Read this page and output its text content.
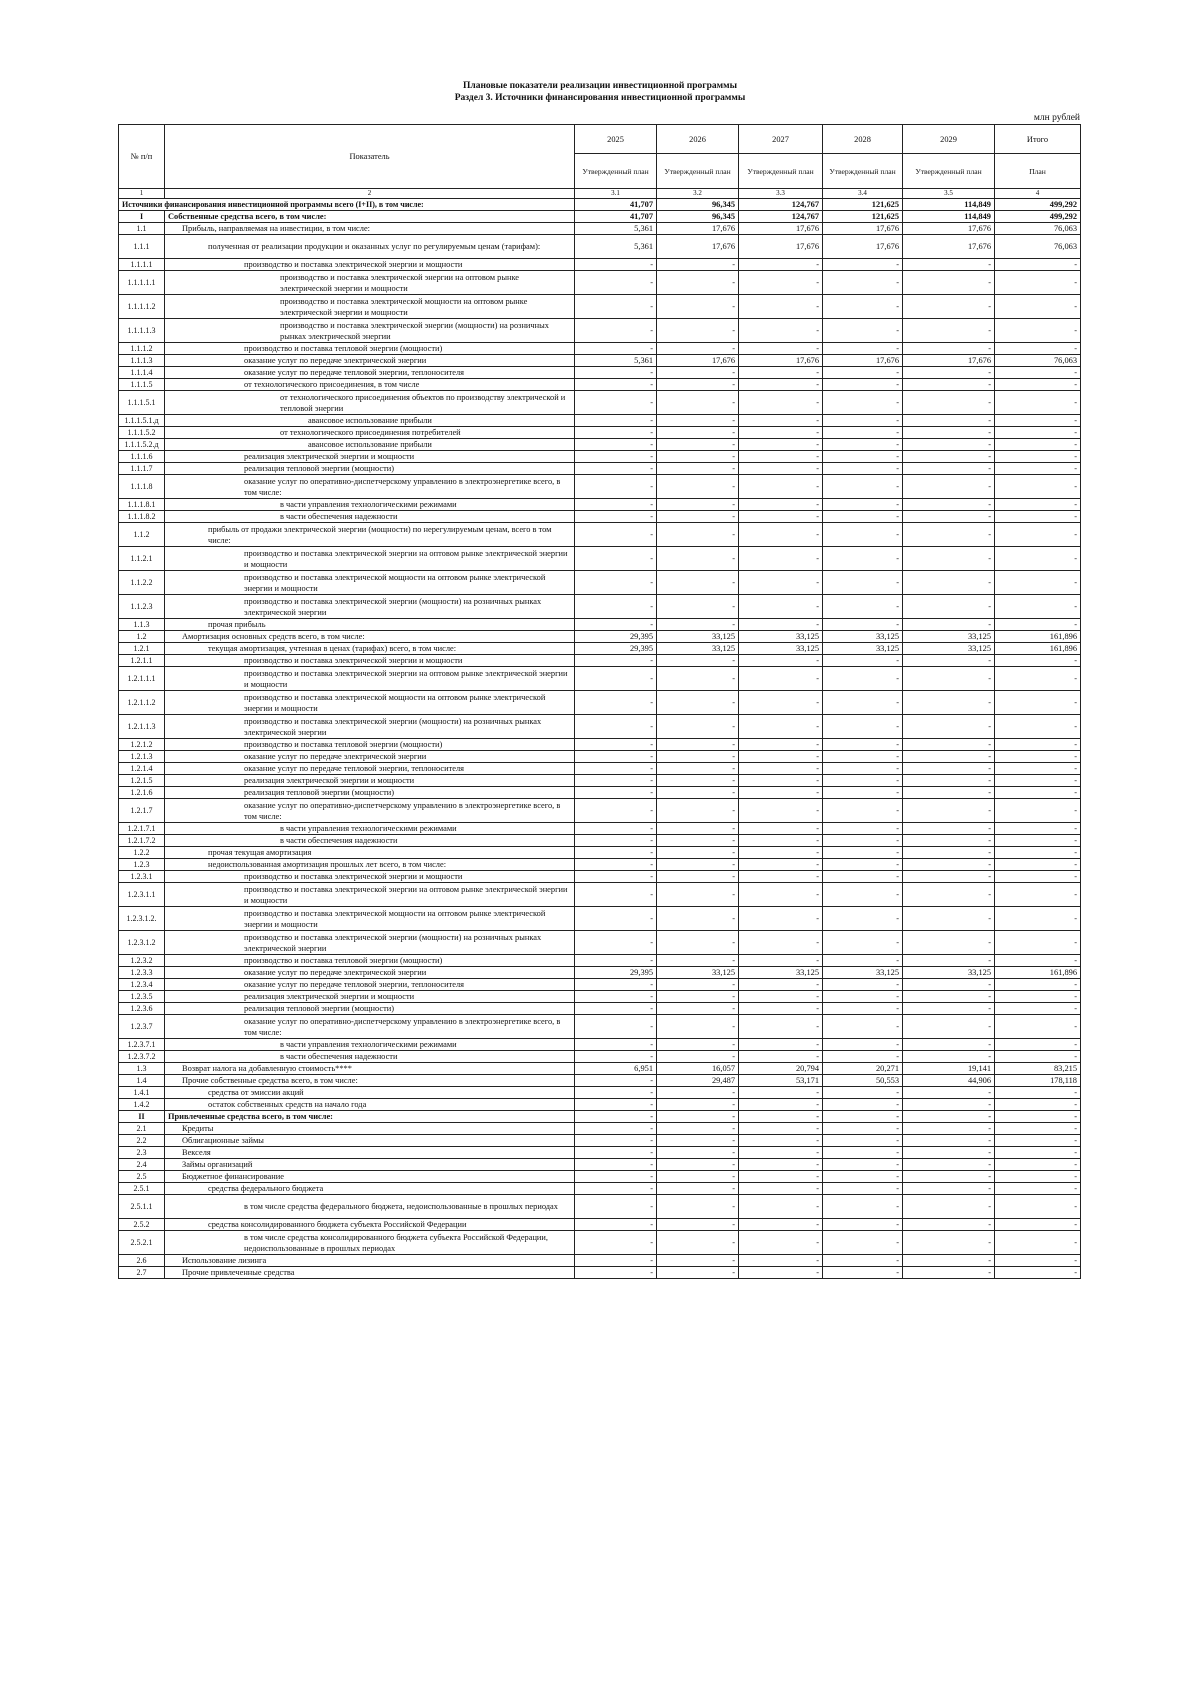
Плановые показатели реализации инвестиционной программы
Раздел 3. Источники финансирования инвестиционной программы
млн рублей
№ п/п	Показатель	2025	2026	2027	2028	2029	Итого
		Утвержденный план	Утвержденный план	Утвержденный план	Утвержденный план	Утвержденный план	План
1	2	3.1	3.2	3.3	3.4	3.5	4
Источники финансирования инвестиционной программы всего (I+II), в том числе:		41,707	96,345	124,767	121,625	114,849	499,292
I	Собственные средства всего, в том числе:	41,707	96,345	124,767	121,625	114,849	499,292
1.1	Прибыль, направляемая на инвестиции, в том числе:	5,361	17,676	17,676	17,676	17,676	76,063
1.1.1	полученная от реализации продукции и оказанных услуг по регулируемым ценам (тарифам):	5,361	17,676	17,676	17,676	17,676	76,063
1.1.1.1	производство и поставка электрической энергии и мощности	-	-	-	-	-	-
1.1.1.1.1	производство и поставка электрической энергии на оптовом рынке электрической энергии и мощности	-	-	-	-	-	-
1.1.1.1.2	производство и поставка электрической мощности на оптовом рынке электрической энергии и мощности	-	-	-	-	-	-
1.1.1.1.3	производство и поставка электрической энергии (мощности) на розничных рынках электрической энергии	-	-	-	-	-	-
1.1.1.2	производство и поставка тепловой энергии (мощности)	-	-	-	-	-	-
1.1.1.3	оказание услуг по передаче электрической энергии	5,361	17,676	17,676	17,676	17,676	76,063
1.1.1.4	оказание услуг по передаче тепловой энергии, теплоносителя	-	-	-	-	-	-
1.1.1.5	от технологического присоединения, в том числе	-	-	-	-	-	-
1.1.1.5.1	от технологического присоединения объектов по производству электрической и тепловой энергии	-	-	-	-	-	-
1.1.1.5.1.д	авансовое использование прибыли	-	-	-	-	-	-
1.1.1.5.2	от технологического присоединения потребителей	-	-	-	-	-	-
1.1.1.5.2.д	авансовое использование прибыли	-	-	-	-	-	-
1.1.1.6	реализация электрической энергии и мощности	-	-	-	-	-	-
1.1.1.7	реализация тепловой энергии (мощности)	-	-	-	-	-	-
1.1.1.8	оказание услуг по оперативно-диспетчерскому управлению в электроэнергетике всего, в том числе:	-	-	-	-	-	-
1.1.1.8.1	в части управления технологическими режимами	-	-	-	-	-	-
1.1.1.8.2	в части обеспечения надежности	-	-	-	-	-	-
1.1.2	прибыль от продажи электрической энергии (мощности) по нерегулируемым ценам, всего в том числе:	-	-	-	-	-	-
1.1.2.1	производство и поставка электрической энергии на оптовом рынке электрической энергии и мощности	-	-	-	-	-	-
1.1.2.2	производство и поставка электрической мощности на оптовом рынке электрической энергии и мощности	-	-	-	-	-	-
1.1.2.3	производство и поставка электрической энергии (мощности) на розничных рынках электрической энергии	-	-	-	-	-	-
1.1.3	прочая прибыль	-	-	-	-	-	-
1.2	Амортизация основных средств всего, в том числе:	29,395	33,125	33,125	33,125	33,125	161,896
1.2.1	текущая амортизация, учтенная в ценах (тарифах) всего, в том числе:	29,395	33,125	33,125	33,125	33,125	161,896
1.2.1.1	производство и поставка электрической энергии и мощности	-	-	-	-	-	-
1.2.1.1.1	производство и поставка электрической энергии на оптовом рынке электрической энергии и мощности	-	-	-	-	-	-
1.2.1.1.2	производство и поставка электрической мощности на оптовом рынке электрической энергии и мощности	-	-	-	-	-	-
1.2.1.1.3	производство и поставка электрической энергии (мощности) на розничных рынках электрической энергии	-	-	-	-	-	-
1.2.1.2	производство и поставка тепловой энергии (мощности)	-	-	-	-	-	-
1.2.1.3	оказание услуг по передаче электрической энергии	-	-	-	-	-	-
1.2.1.4	оказание услуг по передаче тепловой энергии, теплоносителя	-	-	-	-	-	-
1.2.1.5	реализация электрической энергии и мощности	-	-	-	-	-	-
1.2.1.6	реализация тепловой энергии (мощности)	-	-	-	-	-	-
1.2.1.7	оказание услуг по оперативно-диспетчерскому управлению в электроэнергетике всего, в том числе:	-	-	-	-	-	-
1.2.1.7.1	в части управления технологическими режимами	-	-	-	-	-	-
1.2.1.7.2	в части обеспечения надежности	-	-	-	-	-	-
1.2.2	прочая текущая амортизация	-	-	-	-	-	-
1.2.3	недоиспользованная амортизация прошлых лет всего, в том числе:	-	-	-	-	-	-
1.2.3.1	производство и поставка электрической энергии и мощности	-	-	-	-	-	-
1.2.3.1.1	производство и поставка электрической энергии на оптовом рынке электрической энергии и мощности	-	-	-	-	-	-
1.2.3.1.2.	производство и поставка электрической мощности на оптовом рынке электрической энергии и мощности	-	-	-	-	-	-
1.2.3.1.2	производство и поставка электрической энергии (мощности) на розничных рынках электрической энергии	-	-	-	-	-	-
1.2.3.2	производство и поставка тепловой энергии (мощности)	-	-	-	-	-	-
1.2.3.3	оказание услуг по передаче электрической энергии	29,395	33,125	33,125	33,125	33,125	161,896
1.2.3.4	оказание услуг по передаче тепловой энергии, теплоносителя	-	-	-	-	-	-
1.2.3.5	реализация электрической энергии и мощности	-	-	-	-	-	-
1.2.3.6	реализация тепловой энергии (мощности)	-	-	-	-	-	-
1.2.3.7	оказание услуг по оперативно-диспетчерскому управлению в электроэнергетике всего, в том числе:	-	-	-	-	-	-
1.2.3.7.1	в части управления технологическими режимами	-	-	-	-	-	-
1.2.3.7.2	в части обеспечения надежности	-	-	-	-	-	-
1.3	Возврат налога на добавленную стоимость****	6,951	16,057	20,794	20,271	19,141	83,215
1.4	Прочие собственные средства всего, в том числе:	-	29,487	53,171	50,553	44,906	178,118
1.4.1	средства от эмиссии акций	-	-	-	-	-	-
1.4.2	остаток собственных средств на начало года	-	-	-	-	-	-
II	Привлеченные средства всего, в том числе:	-	-	-	-	-	-
2.1	Кредиты	-	-	-	-	-	-
2.2	Облигационные займы	-	-	-	-	-	-
2.3	Векселя	-	-	-	-	-	-
2.4	Займы организаций	-	-	-	-	-	-
2.5	Бюджетное финансирование	-	-	-	-	-	-
2.5.1	средства федерального бюджета	-	-	-	-	-	-
2.5.1.1	в том числе средства федерального бюджета, недоиспользованные в прошлых периодах	-	-	-	-	-	-
2.5.2	средства консолидированного бюджета субъекта Российской Федерации	-	-	-	-	-	-
2.5.2.1	в том числе средства консолидированного бюджета субъекта Российской Федерации, недоиспользованные в прошлых периодах	-	-	-	-	-	-
2.6	Использование лизинга	-	-	-	-	-	-
2.7	Прочие привлеченные средства	-	-	-	-	-	-
